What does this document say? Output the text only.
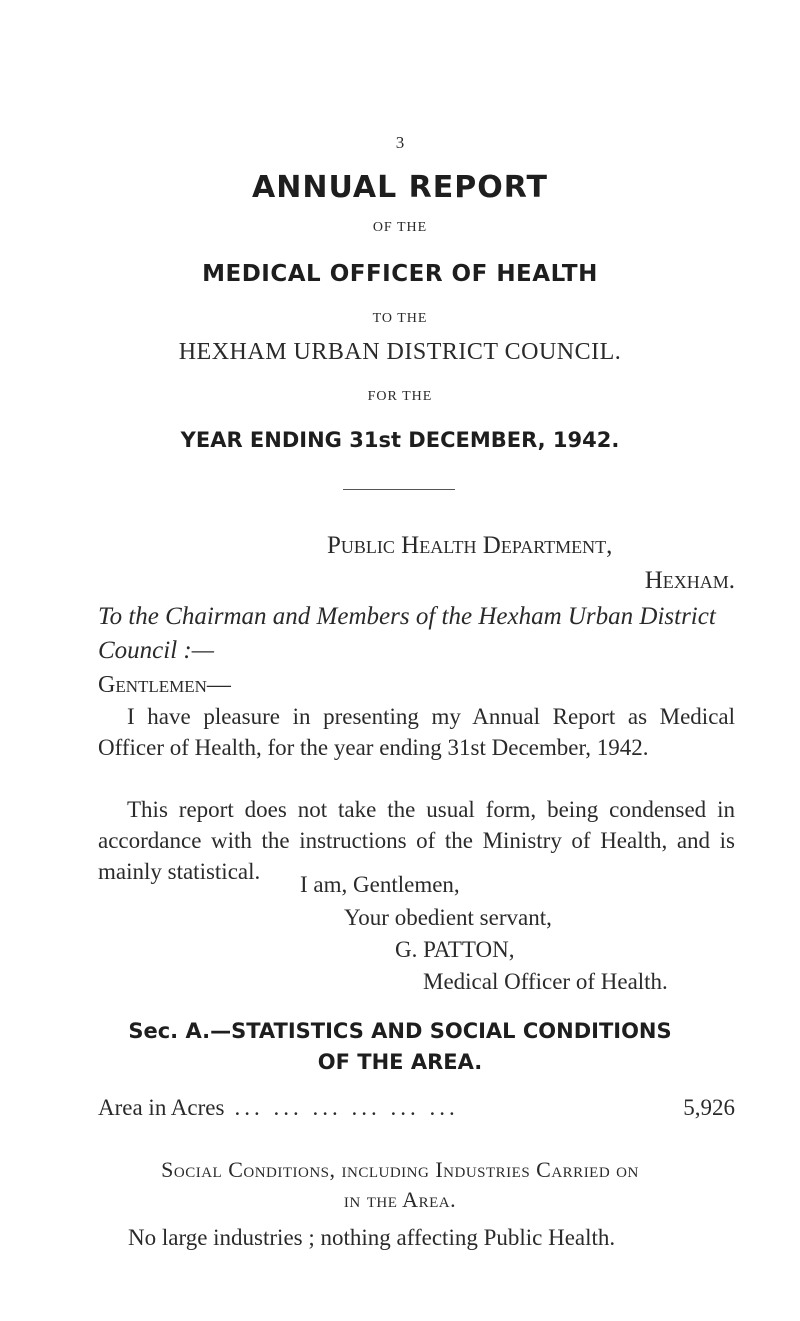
3

ANNUAL REPORT

OF THE

MEDICAL OFFICER OF HEALTH

TO THE

HEXHAM URBAN DISTRICT COUNCIL.

FOR THE

YEAR ENDING 31st DECEMBER, 1942.

Public Health Department,

Hexham.

To the Chairman and Members of the Hexham Urban District Council :—

Gentlemen—

I have pleasure in presenting my Annual Report as Medical Officer of Health, for the year ending 31st December, 1942.

This report does not take the usual form, being condensed in accordance with the instructions of the Ministry of Health, and is mainly statistical.

I am, Gentlemen,

Your obedient servant,

G. PATTON,

Medical Officer of Health.

Sec. A.—STATISTICS AND SOCIAL CONDITIONS

OF THE AREA.

Area in Acres ... ... ... ... ... ...	5,926

Social Conditions, including Industries Carried on

in the Area.

No large industries ; nothing affecting Public Health.
